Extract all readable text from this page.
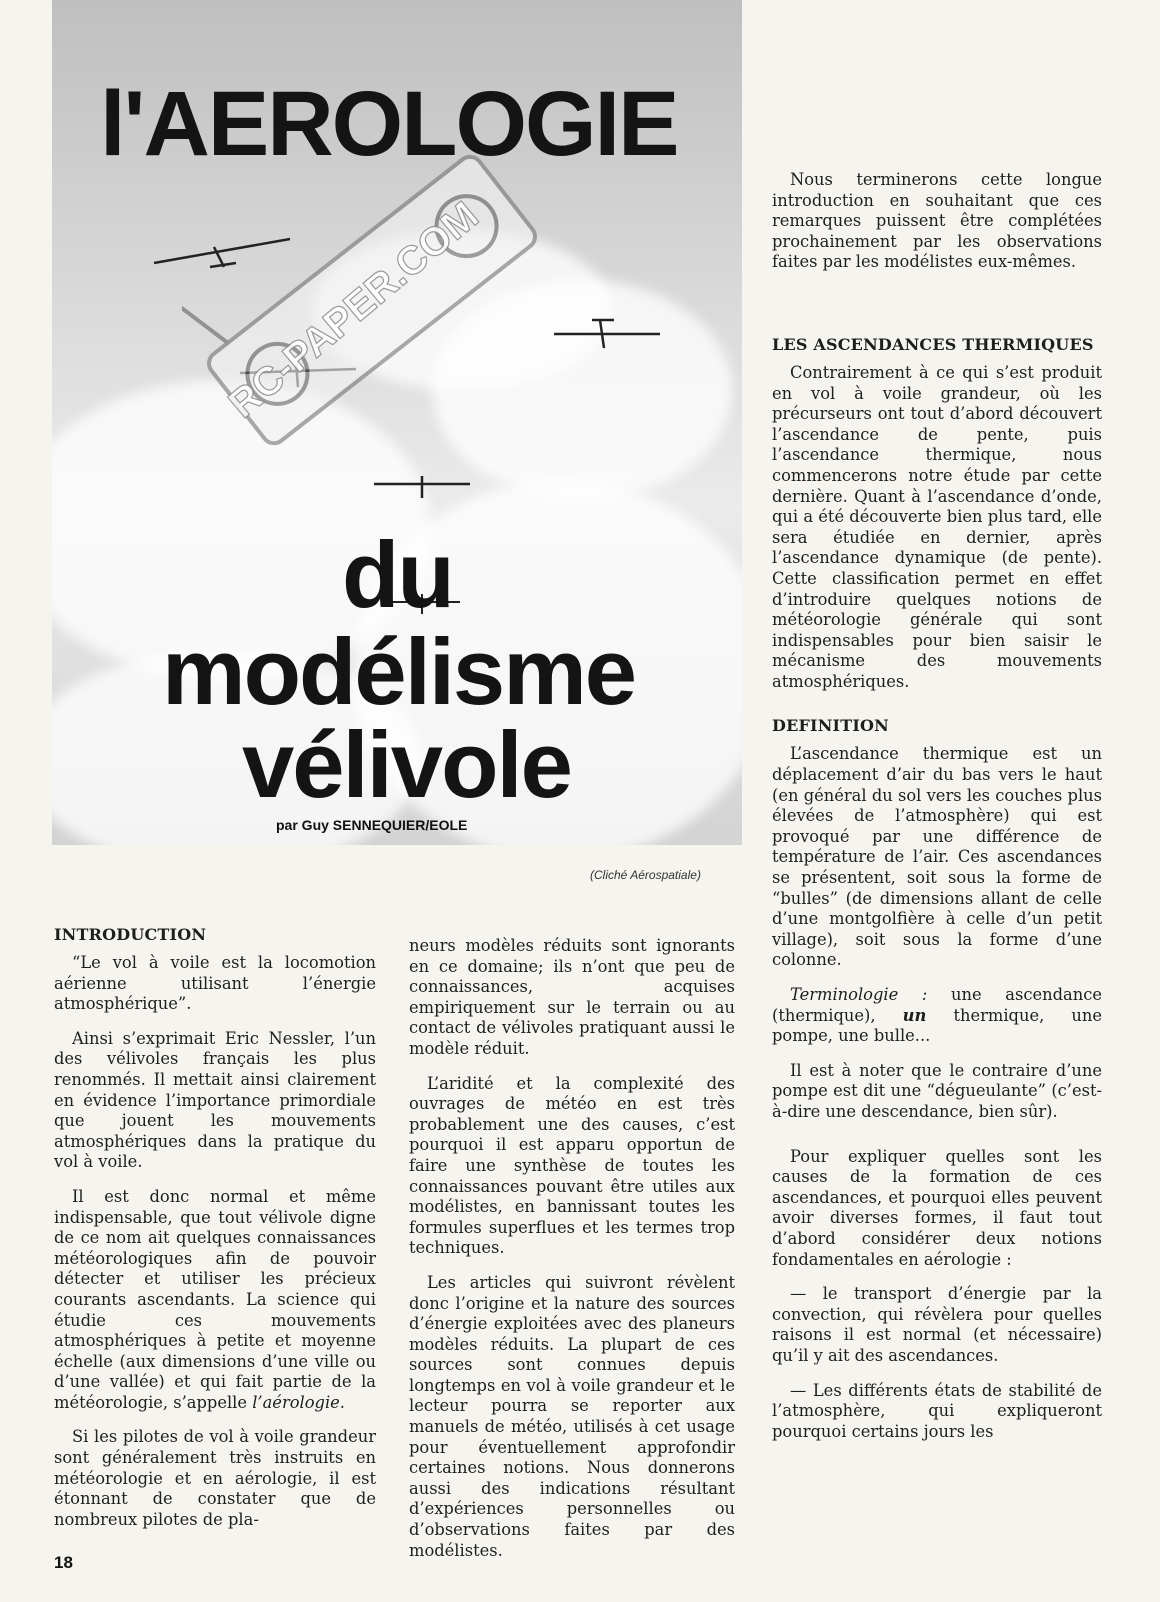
RC-PAPER.COM
l'AEROLOGIE
du
modélisme
vélivole

par Guy SENNEQUIER/EOLE

(Cliché Aérospatiale)
INTRODUCTION

“Le vol à voile est la locomotion aérienne utilisant l’énergie atmosphérique”.

Ainsi s’exprimait Eric Nessler, l’un des vélivoles français les plus renommés. Il mettait ainsi clairement en évidence l’importance primordiale que jouent les mouvements atmosphériques dans la pratique du vol à voile.

Il est donc normal et même indispensable, que tout vélivole digne de ce nom ait quelques connaissances météorologiques afin de pouvoir détecter et utiliser les précieux courants ascendants. La science qui étudie ces mouvements atmosphériques à petite et moyenne échelle (aux dimensions d’une ville ou d’une vallée) et qui fait partie de la météorologie, s’appelle l’aérologie.

Si les pilotes de vol à voile grandeur sont généralement très instruits en météorologie et en aérologie, il est étonnant de constater que de nombreux pilotes de pla-

neurs modèles réduits sont ignorants en ce domaine; ils n’ont que peu de connaissances, acquises empiriquement sur le terrain ou au contact de vélivoles pratiquant aussi le modèle réduit.

L’aridité et la complexité des ouvrages de météo en est très probablement une des causes, c’est pourquoi il est apparu opportun de faire une synthèse de toutes les connaissances pouvant être utiles aux modélistes, en bannissant toutes les formules superflues et les termes trop techniques.

Les articles qui suivront révèlent donc l’origine et la nature des sources d’énergie exploitées avec des planeurs modèles réduits. La plupart de ces sources sont connues depuis longtemps en vol à voile grandeur et le lecteur pourra se reporter aux manuels de météo, utilisés à cet usage pour éventuellement approfondir certaines notions. Nous donnerons aussi des indications résultant d’expériences personnelles ou d’observations faites par des modélistes.

Nous terminerons cette longue introduction en souhaitant que ces remarques puissent être complétées prochainement par les observations faites par les modélistes eux-mêmes.

LES ASCENDANCES THERMIQUES

Contrairement à ce qui s’est produit en vol à voile grandeur, où les précurseurs ont tout d’abord découvert l’ascendance de pente, puis l’ascendance thermique, nous commencerons notre étude par cette dernière. Quant à l’ascendance d’onde, qui a été découverte bien plus tard, elle sera étudiée en dernier, après l’ascendance dynamique (de pente). Cette classification permet en effet d’introduire quelques notions de météorologie générale qui sont indispensables pour bien saisir le mécanisme des mouvements atmosphériques.

DEFINITION

L’ascendance thermique est un déplacement d’air du bas vers le haut (en général du sol vers les couches plus élevées de l’atmosphère) qui est provoqué par une différence de température de l’air. Ces ascendances se présentent, soit sous la forme de “bulles” (de dimensions allant de celle d’une montgolfière à celle d’un petit village), soit sous la forme d’une colonne.

Terminologie : une ascendance (thermique), un thermique, une pompe, une bulle...

Il est à noter que le contraire d’une pompe est dit une “dégueulante” (c’est-à-dire une descendance, bien sûr).

Pour expliquer quelles sont les causes de la formation de ces ascendances, et pourquoi elles peuvent avoir diverses formes, il faut tout d’abord considérer deux notions fondamentales en aérologie :

— le transport d’énergie par la convection, qui révèlera pour quelles raisons il est normal (et nécessaire) qu’il y ait des ascendances.

— Les différents états de stabilité de l’atmosphère, qui expliqueront pourquoi certains jours les

18
